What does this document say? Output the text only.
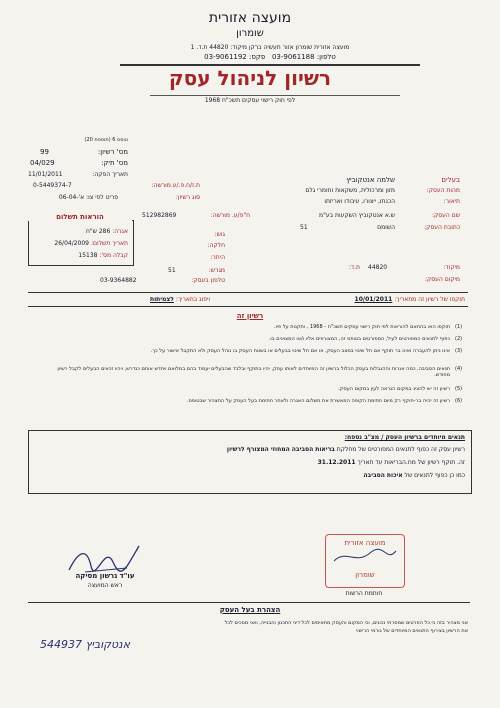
מועצה אזורית
שומרון
מועצה אזורית שומרון אזור תעשיה ברקן מיקוד: 44820 ת.ד. 1
טלפון: 03-9061188   פקס: 03-9061192
רשיון לניהול עסק
לפי חוק רישוי עסקים תשכ"ח 1968
טופס 6 (תוספת 20)
מס' רשיון:
99
מס' תיק:
04/029
תאריך הפקה:
11/01/2011
בעלים
שלמה אנטקוביץ
ת.ז/ח.פ./ע.מורשה:
0-5449374-7
סוג רשיון:
פריט לפי צו: א'-06-04
מהות העסק:
מזון ומרכולית, משקאות וחומרי גלם
תיאור:
הכנתו, ייצורו, עיבודו ואריזתו
הוראות תשלום
אגרה: 286 ש"ח
תאריך תשלום: 26/04/2009
קבלה מס': 15138
שם העסק:
ש.א אנטקוביץ השקעות בע"מ
ח"פ/ע. מורשה:
512982869
כתובת העסק:
השומם
51
גוש:
חלקה:
היתר:
מגרש:
51	מיקוד:
44820
ת.ד:
מיקום העסק:
טלפון בעסק:
03-9364882
תוקפו של רשיון זה מתאריך: 10/01/2011
ויפוג בתאריך: לצמיתות
רשיון זה
תוקפו הוא בהתאם להוראות לפי חוק רישוי עסקים תשכ"ח - 1968 , ותקנות על פיו. (1)
כפוף לתנאים המפורטים לעיל, המפורטים בטופס זה, המצורפים אליו ו/או המצוינים בו. (2)
אינו ניתן להעברה ואינו בר תוקף אם חל שינוי במצב העסק, או אם חל שינוי בבעלים או בשטח העסק בו נוהל העסק ולא התקבל אישור על כך. (3)
תנאים הסביבה, כמה אגרות וההגבלות בעסק הכלול ברשיון זה המיוחדים לאותו עסק, יהיו בתוקף ובלבד שהבעלים יעמוד בהם במלואם ויחדש אותם כנדרש, ויהיו זכאים הבעלים לקבל רשיון מחודש.
(4)
רשיון זה יש להציג במקום הנראה לעין במקום העסק. (5)
רשיון זה יהיה בר-תוקף רק מיום חתימת הקופה המאשרת את תשלום האגרה ולאחר חתימת בעל העסק על התצהיר שבטופס. (6)
תנאים מיוחדים ברשיון העסק / מצ"ב נספח:
רשיון עסק זה כפוף לתנאים המפורטים של מחלקת בריאות הסביבה המחוזי המצורף לרשיון
זה. תוקף רשיון של מח.הבריאות עד תאריך 31.12.2011
כמו כן כפוף לתנאים של איכות הסביבה
עו"ד גרשון מסיקה
ראש המועצה
מועצה אזורית
שומרון
חותמת הרשות
הצהרת בעל העסק
אני מצהיר בזה כי כל הפרטים שמסרתי נכונים, וכי המקום והעסק מתאימים לכל דיני התכנון והבנייה, ואני מסכים לכל
את הרשיון בצירוף התנאים המיוחדים של גורמי הרישוי
אנטקוביץ 544937
